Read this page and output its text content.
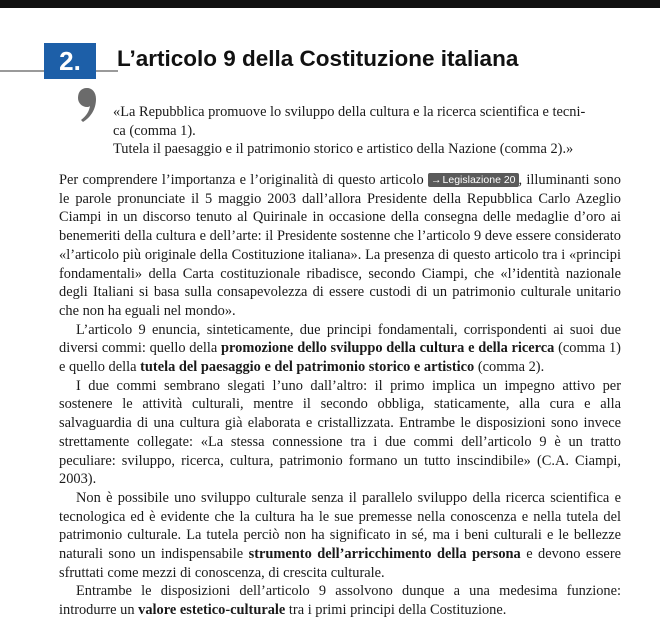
2.	L’articolo 9 della Costituzione italiana

«La Repubblica promuove lo sviluppo della cultura e la ricerca scientifica e tecni-

ca (comma 1).

Tutela il paesaggio e il patrimonio storico e artistico della Nazione (comma 2).»

Per comprendere l’importanza e l’originalità di questo articolo →Legislazione 20 , illuminanti sono le parole pronunciate il 5 maggio 2003 dall’allora Presidente della Repubblica Carlo Azeglio Ciampi in un discorso tenuto al Quirinale in occasione della consegna delle medaglie d’oro ai benemeriti della cultura e dell’arte: il Presidente sostenne che l’articolo 9 deve essere considerato «l’articolo più originale della Costituzione italiana». La presenza di questo articolo tra i «principi fondamentali» della Carta costituzionale ribadisce, secondo Ciampi, che «l’identità nazionale degli Italiani si basa sulla consapevolezza di essere custodi di un patrimonio culturale unitario che non ha eguali nel mondo».

L’articolo 9 enuncia, sinteticamente, due principi fondamentali, corrispondenti ai suoi due diversi commi: quello della promozione dello sviluppo della cultura e della ricerca (comma 1) e quello della tutela del paesaggio e del patrimonio storico e artistico (comma 2).

I due commi sembrano slegati l’uno dall’altro: il primo implica un impegno attivo per sostenere le attività culturali, mentre il secondo obbliga, staticamente, alla cura e alla salvaguardia di una cultura già elaborata e cristallizzata. Entrambe le disposizioni sono invece strettamente collegate: «La stessa connessione tra i due commi dell’articolo 9 è un tratto peculiare: sviluppo, ricerca, cultura, patrimonio formano un tutto inscindibile» (C.A. Ciampi, 2003).

Non è possibile uno sviluppo culturale senza il parallelo sviluppo della ricerca scientifica e tecnologica ed è evidente che la cultura ha le sue premesse nella conoscenza e nella tutela del patrimonio culturale. La tutela perciò non ha significato in sé, ma i beni culturali e le bellezze naturali sono un indispensabile strumento dell’arricchimento della persona e devono essere sfruttati come mezzi di conoscenza, di crescita culturale.

Entrambe le disposizioni dell’articolo 9 assolvono dunque a una medesima funzione: introdurre un valore estetico-culturale tra i primi principi della Costituzione.
